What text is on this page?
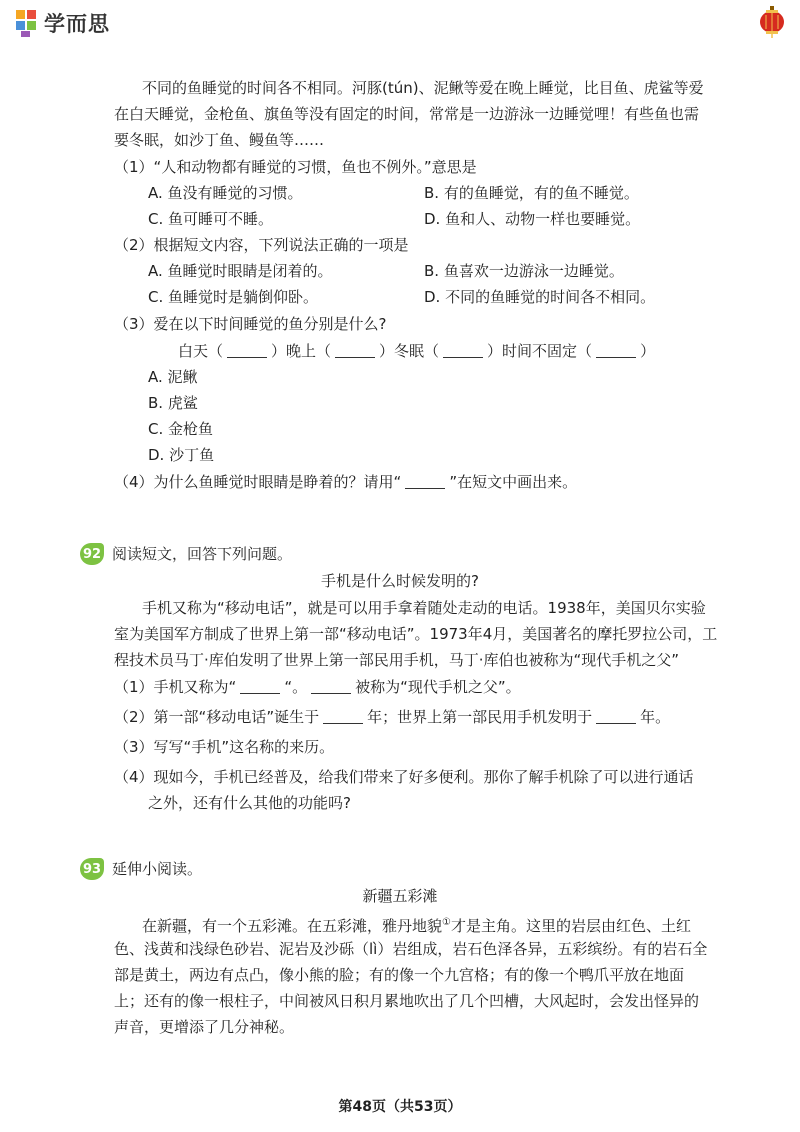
学而思
不同的鱼睡觉的时间各不相同。河豚(tún)、泥鳅等爱在晚上睡觉，比目鱼、虎鲨等爱
在白天睡觉，金枪鱼、旗鱼等没有固定的时间，常常是一边游泳一边睡觉哩！有些鱼也需
要冬眠，如沙丁鱼、鳗鱼等……
（1）“人和动物都有睡觉的习惯，鱼也不例外。”意思是
A. 鱼没有睡觉的习惯。	B. 有的鱼睡觉，有的鱼不睡觉。
C. 鱼可睡可不睡。	D. 鱼和人、动物一样也要睡觉。
（2）根据短文内容，下列说法正确的一项是
A. 鱼睡觉时眼睛是闭着的。	B. 鱼喜欢一边游泳一边睡觉。
C. 鱼睡觉时是躺倒仰卧。	D. 不同的鱼睡觉的时间各不相同。
（3）爱在以下时间睡觉的鱼分别是什么?
白天（	）晚上（	）冬眠（	）时间不固定（	）
A. 泥鳅
B. 虎鲨
C. 金枪鱼
D. 沙丁鱼
（4）为什么鱼睡觉时眼睛是睁着的？请用“	”在短文中画出来。
92 阅读短文，回答下列问题。
手机是什么时候发明的?
手机又称为“移动电话”，就是可以用手拿着随处走动的电话。1938年，美国贝尔实验
室为美国军方制成了世界上第一部“移动电话”。1973年4月，美国著名的摩托罗拉公司，工
程技术员马丁·库伯发明了世界上第一部民用手机，马丁·库伯也被称为“现代手机之父”
（1）手机又称为“	“。	被称为“现代手机之父”。
（2）第一部“移动电话”诞生于	年；世界上第一部民用手机发明于	年。
（3）写写“手机”这名称的来历。
（4）现如今，手机已经普及，给我们带来了好多便利。那你了解手机除了可以进行通话
之外，还有什么其他的功能吗?
93 延伸小阅读。
新疆五彩滩
在新疆，有一个五彩滩。在五彩滩，雅丹地貌①才是主角。这里的岩层由红色、土红
色、浅黄和浅绿色砂岩、泥岩及沙砾（lì）岩组成，岩石色泽各异，五彩缤纷。有的岩石全
部是黄土，两边有点凸，像小熊的脸；有的像一个九宫格；有的像一个鸭爪平放在地面
上；还有的像一根柱子，中间被风日积月累地吹出了几个凹槽，大风起时，会发出怪异的
声音，更增添了几分神秘。
第48页（共53页）
